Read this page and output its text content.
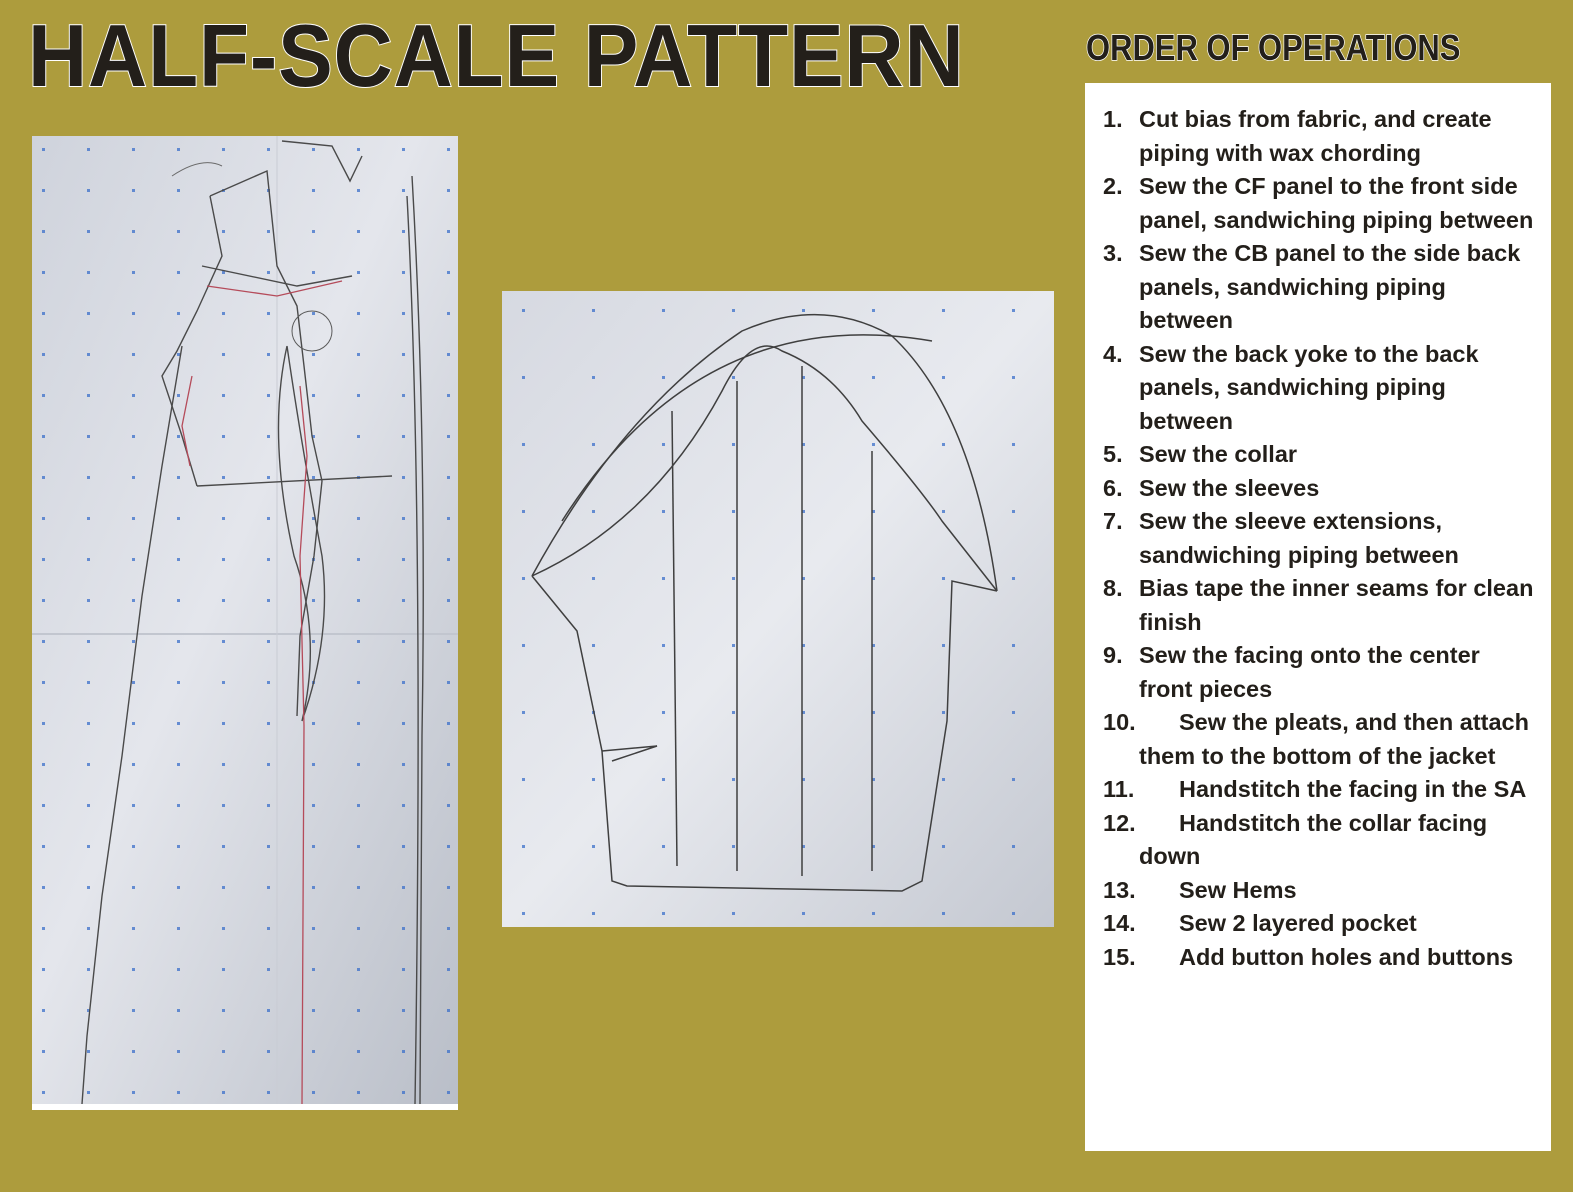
HALF-SCALE PATTERN	ORDER OF OPERATIONS
1. Cut bias from fabric, and create piping with wax chording
2. Sew the CF panel to the front side panel, sandwiching piping between
3. Sew the CB panel to the side back panels, sandwiching piping between
4. Sew the back yoke to the back panels, sandwiching piping between
5. Sew the collar
6. Sew the sleeves
7. Sew the sleeve extensions, sandwiching piping between
8. Bias tape the inner seams for clean finish
9. Sew the facing onto the center front pieces
10.	Sew the pleats, and then attach them to the bottom of the jacket
11.	Handstitch the facing in the SA
12.	Handstitch the collar facing down
13.	Sew Hems
14.	Sew 2 layered pocket
15.	Add button holes and buttons
